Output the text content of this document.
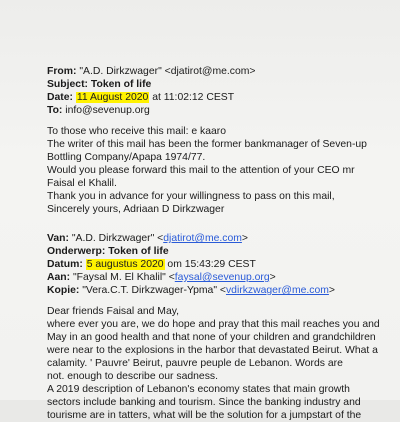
From: "A.D. Dirkzwager" <djatirot@me.com>
Subject: Token of life
Date: 11 August 2020 at 11:02:12 CEST
To: info@sevenup.org
To those who receive this mail: e kaaro
The writer of this mail has been the former bankmanager of Seven-up
Bottling Company/Apapa 1974/77.
Would you please forward this mail to the attention of your CEO mr
Faisal el Khalil.
Thank you in advance for your willingness to pass on this mail,
Sincerely yours, Adriaan D Dirkzwager
Van: "A.D. Dirkzwager" <djatirot@me.com>
Onderwerp: Token of life
Datum: 5 augustus 2020 om 15:43:29 CEST
Aan: "Faysal M. El Khalil" <faysal@sevenup.org>
Kopie: "Vera.C.T. Dirkzwager-Ypma" <vdirkzwager@me.com>
Dear friends Faisal and May,
where ever you are, we do hope and pray that this mail reaches you and
May in an good health and that none of your children and grandchildren
were near to the explosions in the harbor that devastated Beirut. What a
calamity. ' Pauvre' Beirut, pauvre peuple de Lebanon. Words are
not. enough to describe our sadness.
A 2019 description of Lebanon's economy states that main growth
sectors include banking and tourism. Since the banking industry and
tourisme are in tatters, what will be the solution for a jumpstart of the
